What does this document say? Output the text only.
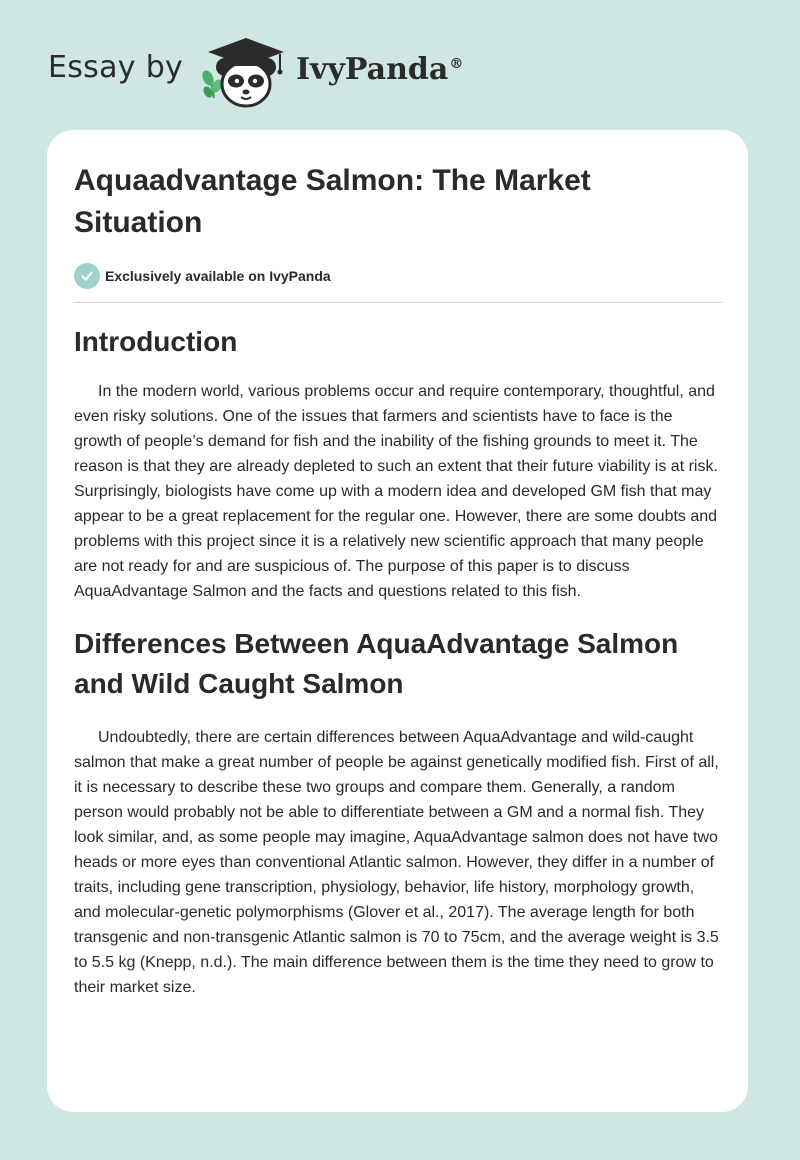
Essay by	IvyPanda®
Aquaadvantage Salmon: The Market Situation
Exclusively available on IvyPanda
Introduction

In the modern world, various problems occur and require contemporary, thoughtful, and even risky solutions. One of the issues that farmers and scientists have to face is the growth of people’s demand for fish and the inability of the fishing grounds to meet it. The reason is that they are already depleted to such an extent that their future viability is at risk. Surprisingly, biologists have come up with a modern idea and developed GM fish that may appear to be a great replacement for the regular one. However, there are some doubts and problems with this project since it is a relatively new scientific approach that many people are not ready for and are suspicious of. The purpose of this paper is to discuss AquaAdvantage Salmon and the facts and questions related to this fish.

Differences Between AquaAdvantage Salmon and Wild Caught Salmon

Undoubtedly, there are certain differences between AquaAdvantage and wild-caught salmon that make a great number of people be against genetically modified fish. First of all, it is necessary to describe these two groups and compare them. Generally, a random person would probably not be able to differentiate between a GM and a normal fish. They look similar, and, as some people may imagine, AquaAdvantage salmon does not have two heads or more eyes than conventional Atlantic salmon. However, they differ in a number of traits, including gene transcription, physiology, behavior, life history, morphology growth, and molecular-genetic polymorphisms (Glover et al., 2017). The average length for both transgenic and non-transgenic Atlantic salmon is 70 to 75cm, and the average weight is 3.5 to 5.5 kg (Knepp, n.d.). The main difference between them is the time they need to grow to their market size.
